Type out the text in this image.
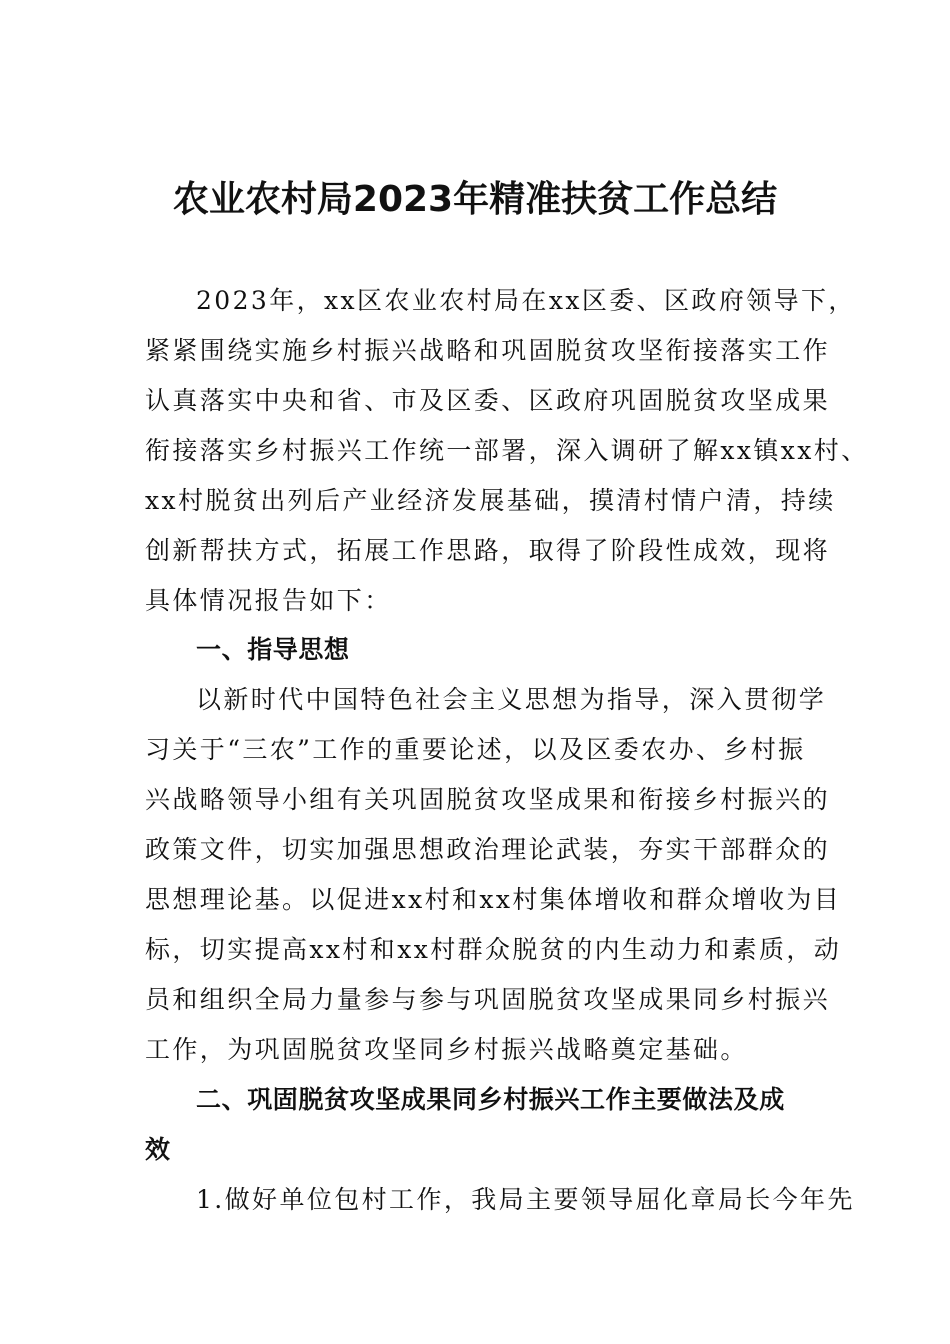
农业农村局2023年精准扶贫工作总结
2023年，xx区农业农村局在xx区委、区政府领导下，
紧紧围绕实施乡村振兴战略和巩固脱贫攻坚衔接落实工作
认真落实中央和省、市及区委、区政府巩固脱贫攻坚成果
衔接落实乡村振兴工作统一部署，深入调研了解xx镇xx村、
xx村脱贫出列后产业经济发展基础，摸清村情户清，持续
创新帮扶方式，拓展工作思路，取得了阶段性成效，现将
具体情况报告如下：
一、指导思想
以新时代中国特色社会主义思想为指导，深入贯彻学
习关于“三农”工作的重要论述，以及区委农办、乡村振
兴战略领导小组有关巩固脱贫攻坚成果和衔接乡村振兴的
政策文件，切实加强思想政治理论武装，夯实干部群众的
思想理论基。以促进xx村和xx村集体增收和群众增收为目
标，切实提高xx村和xx村群众脱贫的内生动力和素质，动
员和组织全局力量参与参与巩固脱贫攻坚成果同乡村振兴
工作，为巩固脱贫攻坚同乡村振兴战略奠定基础。
二、巩固脱贫攻坚成果同乡村振兴工作主要做法及成
效
1.做好单位包村工作，我局主要领导屈化章局长今年先
